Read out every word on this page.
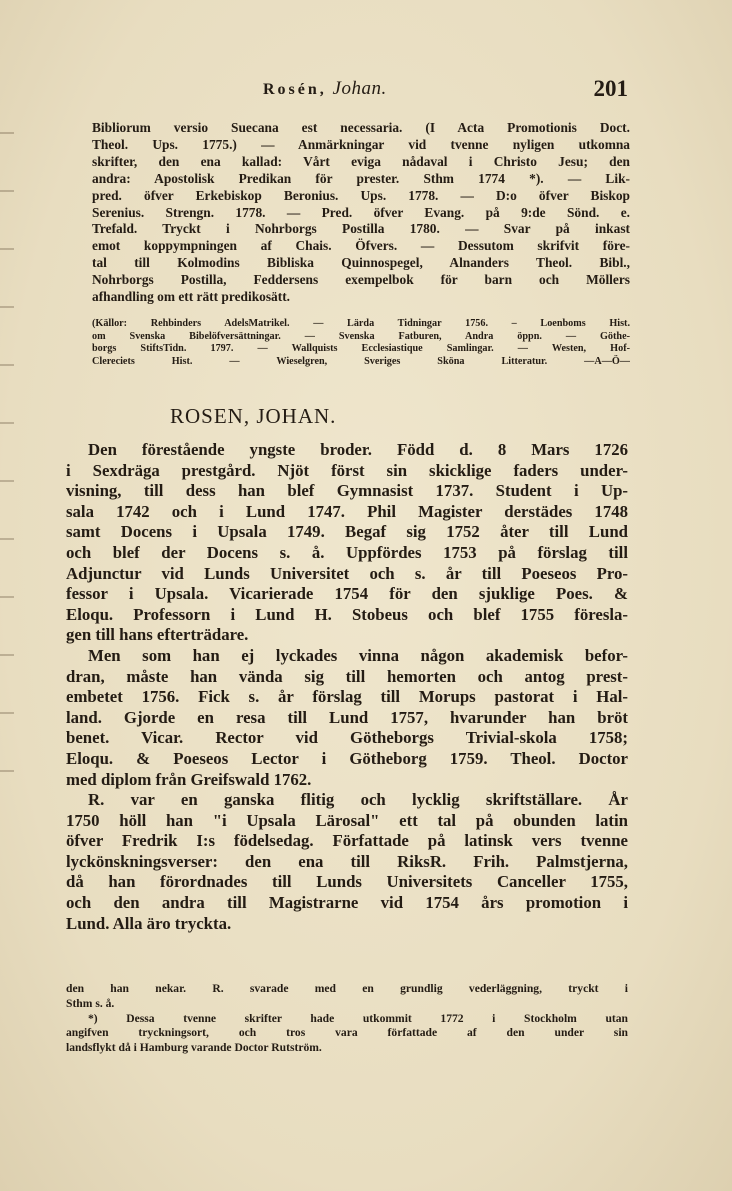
Rosén, Johan.	201
Bibliorum versio Suecana est necessaria. (I Acta Promotionis Doct.
Theol. Ups. 1775.) — Anmärkningar vid tvenne nyligen utkomna
skrifter, den ena kallad: Vårt eviga nådaval i Christo Jesu; den
andra: Apostolisk Predikan för prester. Sthm 1774 *). — Lik-
pred. öfver Erkebiskop Beronius. Ups. 1778. — D:o öfver Biskop
Serenius. Strengn. 1778. — Pred. öfver Evang. på 9:de Sönd. e.
Trefald. Tryckt i Nohrborgs Postilla 1780. — Svar på inkast
emot koppympningen af Chais. Öfvers. — Dessutom skrifvit före-
tal till Kolmodins Bibliska Quinnospegel, Alnanders Theol. Bibl.,
Nohrborgs Postilla, Feddersens exempelbok för barn och Möllers
afhandling om ett rätt predikosätt.
(Källor: Rehbinders AdelsMatrikel. — Lärda Tidningar 1756. – Loenboms Hist.
om Svenska Bibelöfversättningar. — Svenska Fatburen, Andra öppn. — Göthe-
borgs StiftsTidn. 1797. — Wallquists Ecclesiastique Samlingar. — Westen, Hof-
Clereciets Hist. — Wieselgren, Sveriges Sköna Litteratur. —A—Ö—
ROSEN, JOHAN.

Den förestående yngste broder. Född d. 8 Mars 1726
i Sexdräga prestgård. Njöt först sin skicklige faders under-
visning, till dess han blef Gymnasist 1737. Student i Up-
sala 1742 och i Lund 1747. Phil Magister derstädes 1748
samt Docens i Upsala 1749. Begaf sig 1752 åter till Lund
och blef der Docens s. å. Uppfördes 1753 på förslag till
Adjunctur vid Lunds Universitet och s. år till Poeseos Pro-
fessor i Upsala. Vicarierade 1754 för den sjuklige Poes. &
Eloqu. Professorn i Lund H. Stobeus och blef 1755 föresla-
gen till hans efterträdare.

Men som han ej lyckades vinna någon akademisk befor-
dran, måste han vända sig till hemorten och antog prest-
embetet 1756. Fick s. år förslag till Morups pastorat i Hal-
land. Gjorde en resa till Lund 1757, hvarunder han bröt
benet. Vicar. Rector vid Götheborgs Trivial-skola 1758;
Eloqu. & Poeseos Lector i Götheborg 1759. Theol. Doctor
med diplom från Greifswald 1762.

R. var en ganska flitig och lycklig skriftställare. År
1750 höll han "i Upsala Lärosal" ett tal på obunden latin
öfver Fredrik I:s födelsedag. Författade på latinsk vers tvenne
lyckönskningsverser: den ena till RiksR. Frih. Palmstjerna,
då han förordnades till Lunds Universitets Canceller 1755,
och den andra till Magistrarne vid 1754 års promotion i
Lund. Alla äro tryckta.

den han nekar. R. svarade med en grundlig vederläggning, tryckt i
Sthm s. å.

*) Dessa tvenne skrifter hade utkommit 1772 i Stockholm utan
angifven tryckningsort, och tros vara författade af den under sin
landsflykt då i Hamburg varande Doctor Rutström.
